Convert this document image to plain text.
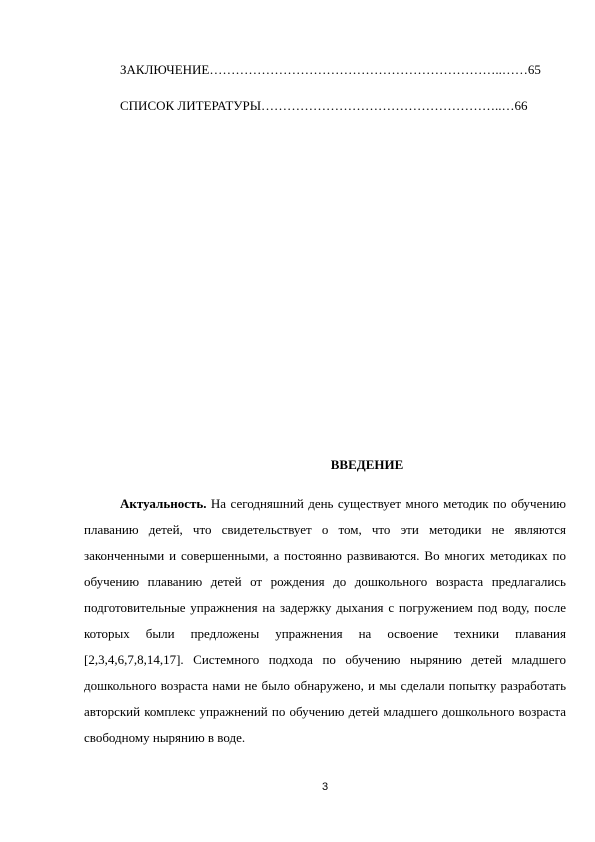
ЗАКЛЮЧЕНИЕ…………………………………………………………..……65
СПИСОК ЛИТЕРАТУРЫ………………………………………………..…66
ВВЕДЕНИЕ

Актуальность. На сегодняшний день существует много методик по обучению плаванию детей, что свидетельствует о том, что эти методики не являются законченными и совершенными, а постоянно развиваются. Во многих методиках по обучению плаванию детей от рождения до дошкольного возраста предлагались подготовительные упражнения на задержку дыхания с погружением под воду, после которых были предложены упражнения на освоение техники плавания [2,3,4,6,7,8,14,17]. Системного подхода по обучению нырянию детей младшего дошкольного возраста нами не было обнаружено, и мы сделали попытку разработать авторский комплекс упражнений по обучению детей младшего дошкольного возраста свободному нырянию в воде.

3
